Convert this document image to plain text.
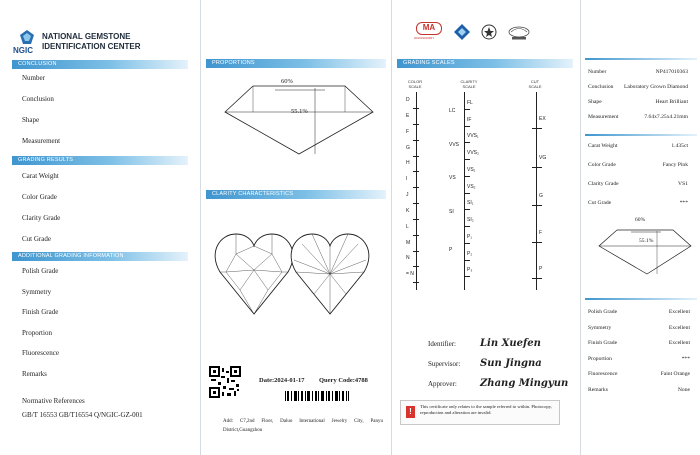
NGIC
NATIONAL GEMSTONE
IDENTIFICATION CENTER
CONCLUSION
Number
Conclusion
Shape
Measurement
GRADING RESULTS
Carat Weight
Color Grade
Clarity Grade
Cut Grade
ADDITIONAL GRADING INFORMATION
Polish Grade
Symmetry
Finish Grade
Proportion
Fluorescence
Remarks
Normative References
GB/T 16553 GB/T16554 Q/NGIC-GZ-001
PROPORTIONS
60%
55.1%
CLARITY CHARACTERISTICS
Date:2024-01-17 Query Code:4788
Add: C7,2nd Floor, Daluo International Jewelry City, Panyu District,Guangzhou
MA
202019010827
GRADING SCALES
COLOR SCALE
CLARITY SCALE
CUT SCALE
D
E
F
G
H
I
J
K
L
M
N
= N
FL
IF
VVS₁
VVS₂
VS₁
VS₂
SI₁
SI₂
P₁
P₂
P₃
LC
VVS
VS
SI
P
EX
VG
G
F
P
Identifier: Lin Xuefen
Supervisor: Sun Jingna
Approver: Zhang Mingyun
!
This certificate only relates to the sample referred to within. Photocopy, reproduction and alteration are invalid.
Number	NP417010363
Conclusion Laboratory Grown Diamond
Shape	Heart Brilliant
Measurement	7.64x7.25x4.21mm
Carat Weight	1.435ct
Color Grade	Fancy Pink
Clarity Grade	VS1
Cut Grade	***
60%
55.1%
Polish Grade	Excellent
Symmetry	Excellent
Finish Grade	Excellent
Proportion	***
Fluorescence	Faint Orange
Remarks	None
